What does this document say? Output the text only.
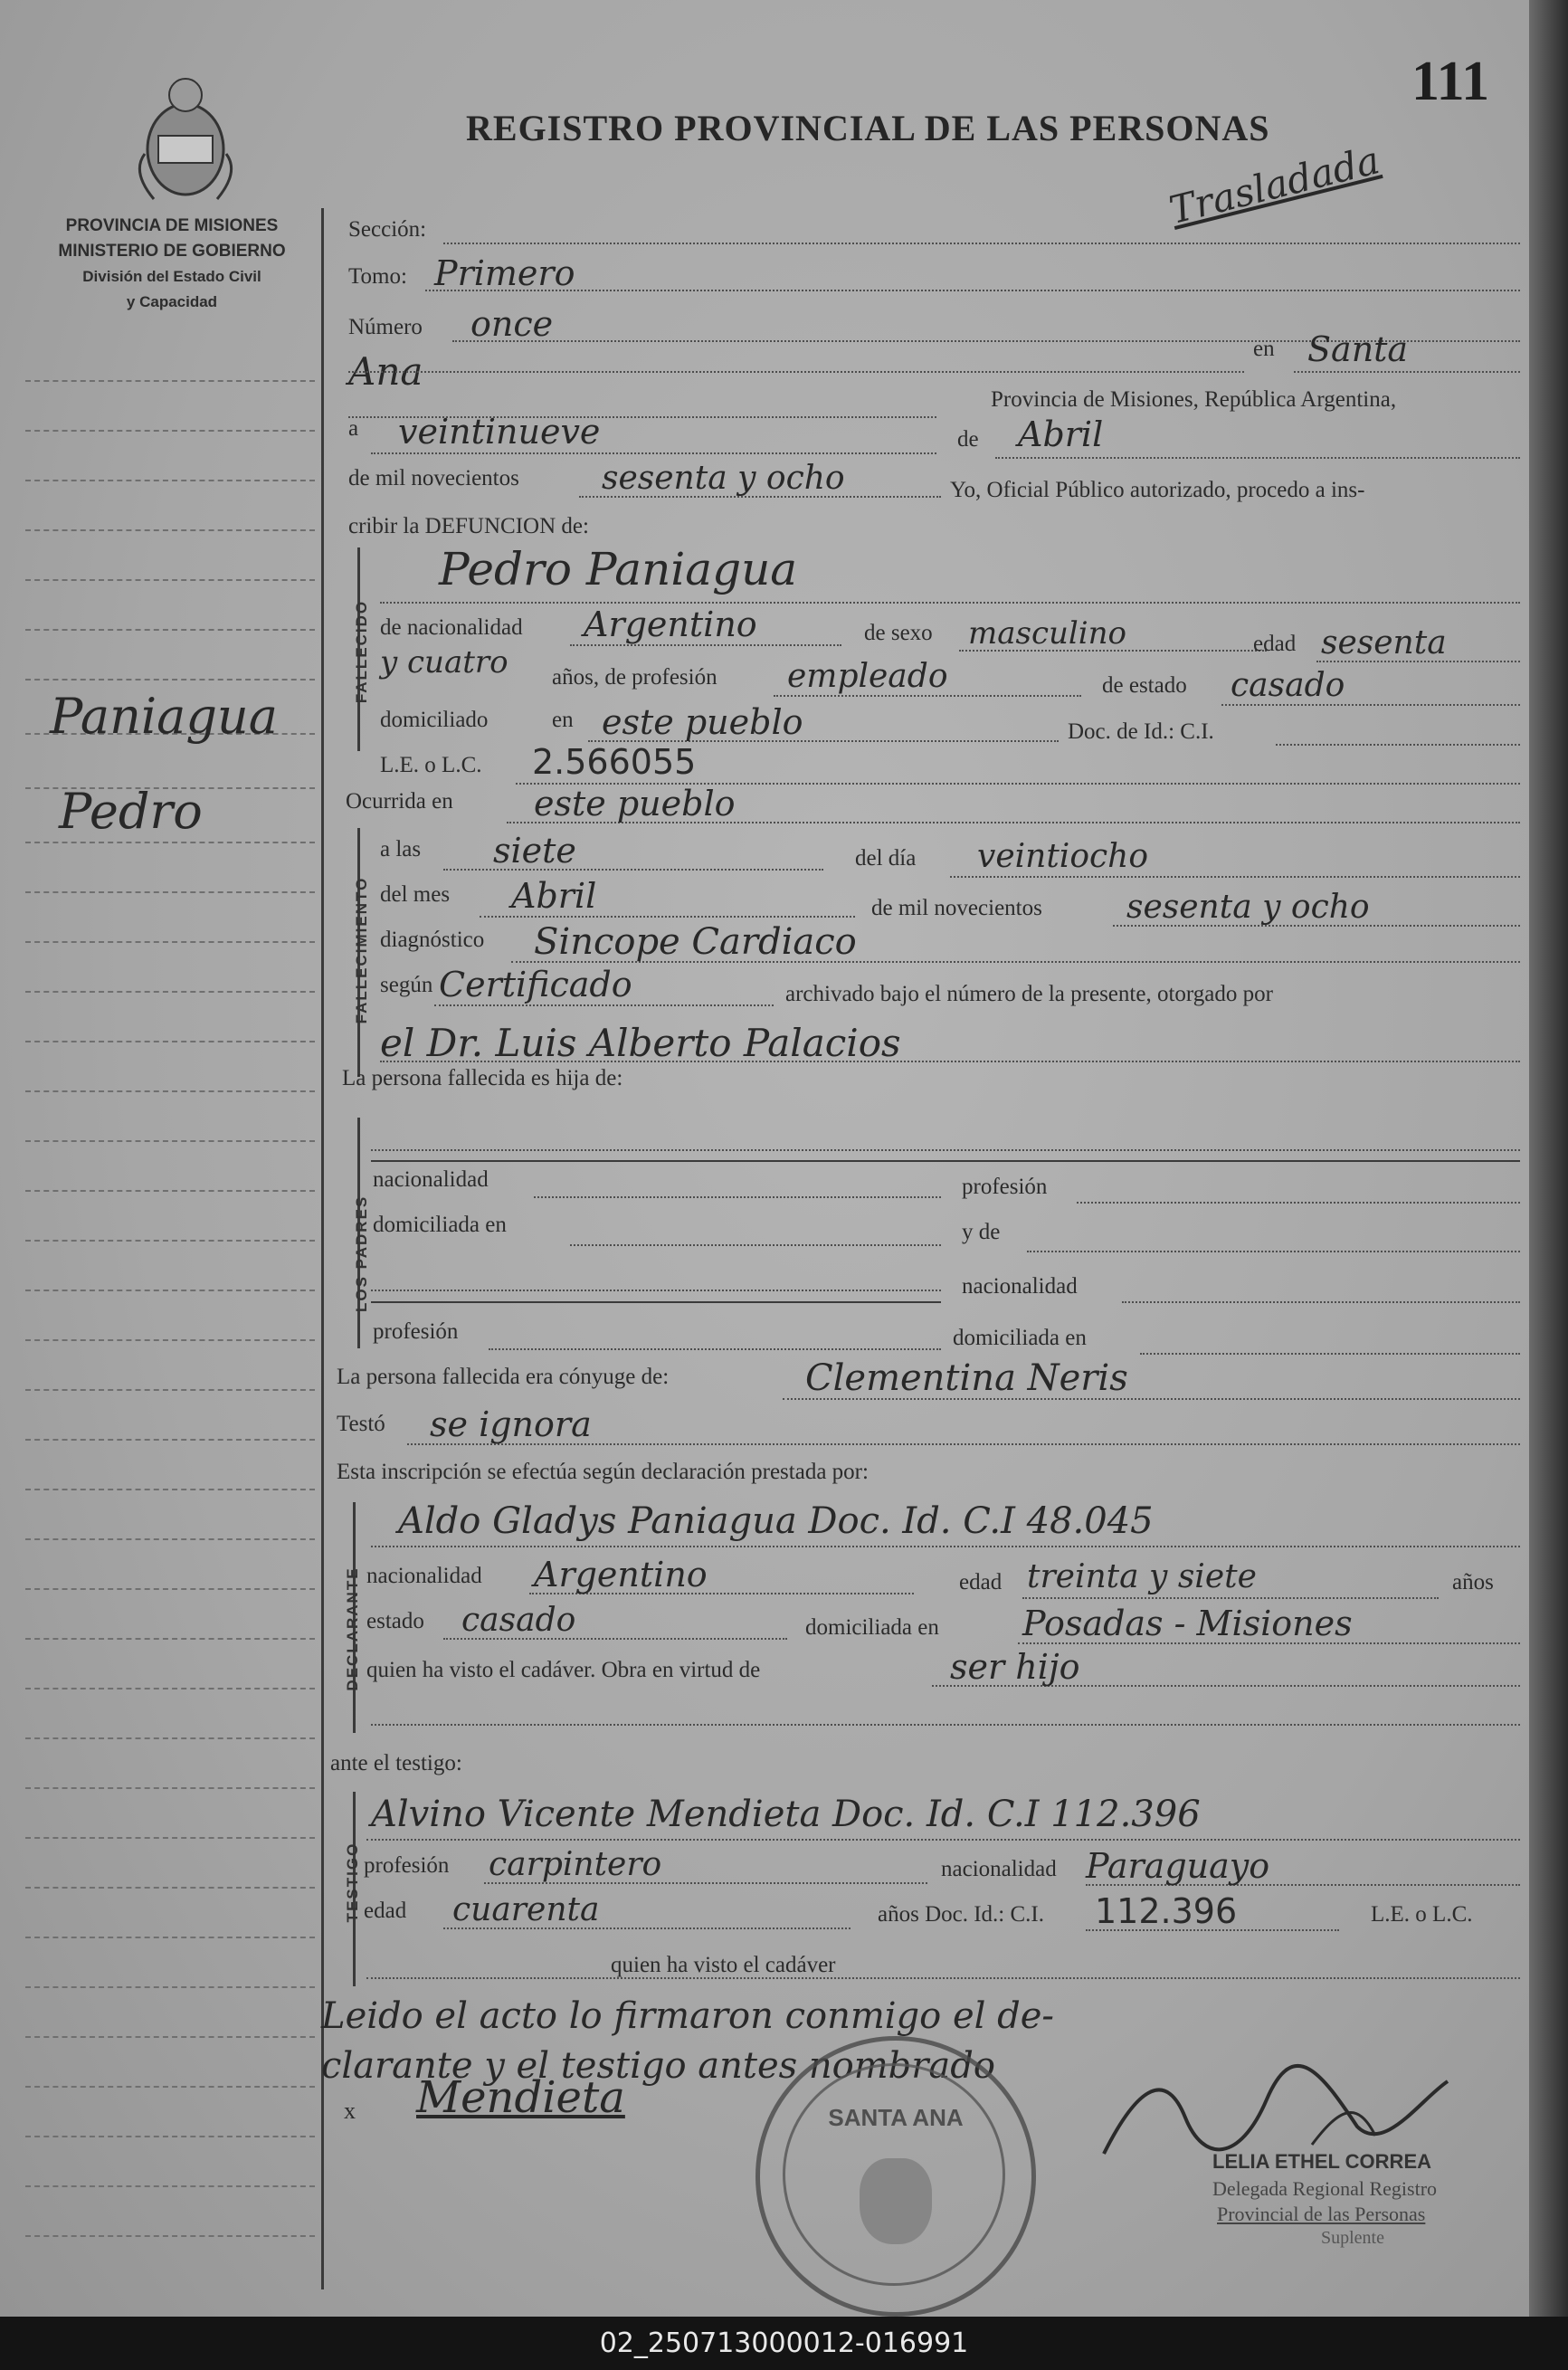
PROVINCIA DE MISIONES
MINISTERIO DE GOBIERNO
División del Estado Civil
y Capacidad
REGISTRO PROVINCIAL DE LAS PERSONAS
111
Trasladada
Paniagua
Pedro
Sección:
Tomo: Primero
Número once
Ana
en Santa
Provincia de Misiones, República Argentina,
a veintinueve	de Abril
de mil novecientos	sesenta y ocho	Yo, Oficial Público autorizado, procedo a ins-
cribir la DEFUNCION de:
FALLECIDO
Pedro Paniagua
de nacionalidad Argentino	de sexo masculino	edad sesenta
y cuatro años, de profesión empleado	de estado casado
domiciliado	en este pueblo	Doc. de Id.: C.I.
L.E. o L.C. 2.566055
Ocurrida en este pueblo
FALLECIMIENTO
a las siete	del día veintiocho
del mes Abril	de mil novecientos	sesenta y ocho
diagnóstico Sincope Cardiaco
según Certificado	archivado bajo el número de la presente, otorgado por
el Dr. Luis Alberto Palacios
La persona fallecida es hija de:
LOS PADRES
nacionalidad	profesión
domiciliada en	y de
nacionalidad
profesión	domiciliada en
La persona fallecida era cónyuge de:	Clementina Neris
Testó se ignora
Esta inscripción se efectúa según declaración prestada por:
DECLARANTE
Aldo Gladys Paniagua Doc. Id. C.I 48.045
nacionalidad Argentino	edad treinta y siete	años
estado casado	domiciliada en Posadas - Misiones
quien ha visto el cadáver. Obra en virtud de	ser hijo
ante el testigo:
TESTIGO
Alvino Vicente Mendieta Doc. Id. C.I 112.396
profesión carpintero	nacionalidad Paraguayo
edad cuarenta	años Doc. Id.: C.I. 112.396	L.E. o L.C.
quien ha visto el cadáver
Leido el acto lo firmaron conmigo el de-
clarante y el testigo antes nombrado
x Mendieta	SANTA ANA
LELIA ETHEL CORREA
Delegada Regional Registro
Provincial de las Personas
Suplente
02_250713000012-016991
